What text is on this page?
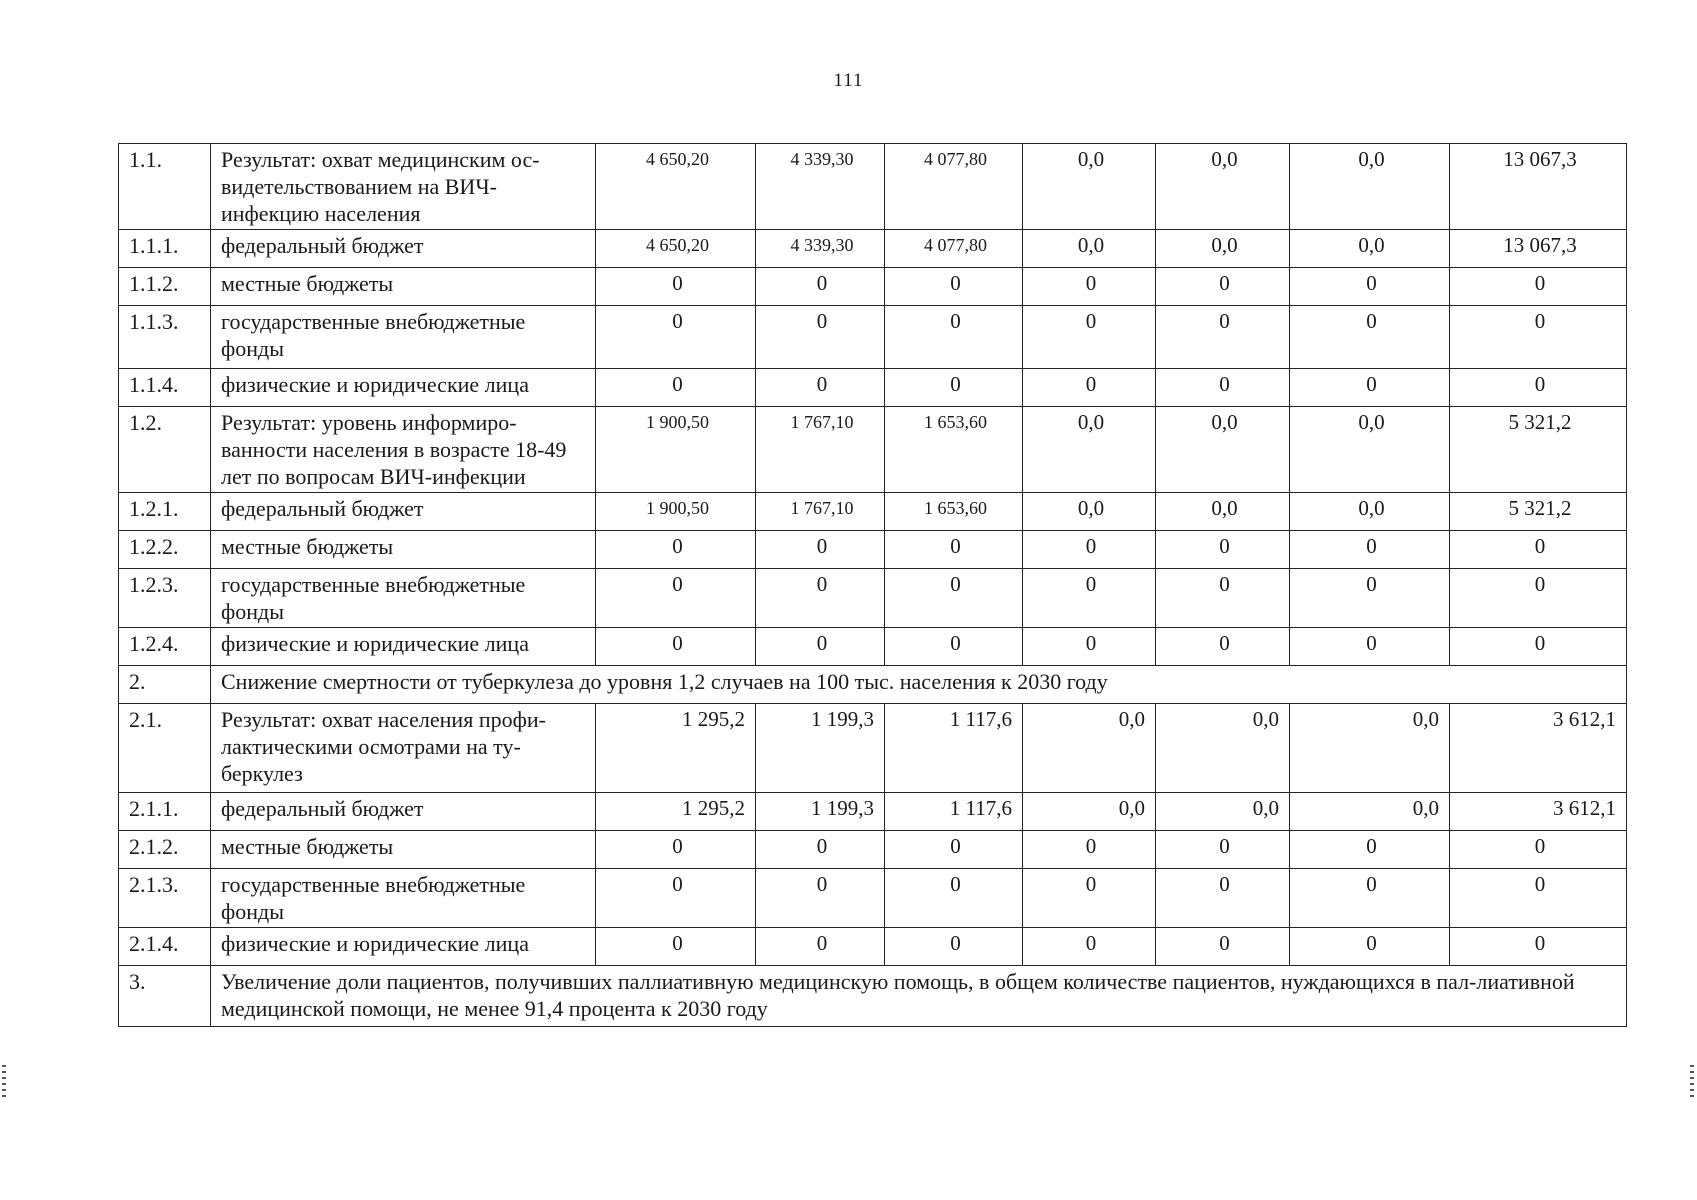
111
1.1.	Результат: охват медицинским ос-видетельствованием на ВИЧ-инфекцию населения	4 650,20	4 339,30	4 077,80	0,0	0,0	0,0	13 067,3
1.1.1.	федеральный бюджет	4 650,20	4 339,30	4 077,80	0,0	0,0	0,0	13 067,3
1.1.2.	местные бюджеты	0	0	0	0	0	0	0
1.1.3.	государственные внебюджетные фонды	0	0	0	0	0	0	0
1.1.4.	физические и юридические лица	0	0	0	0	0	0	0
1.2.	Результат: уровень информиро-ванности населения в возрасте 18-49 лет по вопросам ВИЧ-инфекции	1 900,50	1 767,10	1 653,60	0,0	0,0	0,0	5 321,2
1.2.1.	федеральный бюджет	1 900,50	1 767,10	1 653,60	0,0	0,0	0,0	5 321,2
1.2.2.	местные бюджеты	0	0	0	0	0	0	0
1.2.3.	государственные внебюджетные фонды	0	0	0	0	0	0	0
1.2.4.	физические и юридические лица	0	0	0	0	0	0	0
2.	Снижение смертности от туберкулеза до уровня 1,2 случаев на 100 тыс. населения к 2030 году							
2.1.	Результат: охват населения профи-лактическими осмотрами на ту-беркулез	1 295,2	1 199,3	1 117,6	0,0	0,0	0,0	3 612,1
2.1.1.	федеральный бюджет	1 295,2	1 199,3	1 117,6	0,0	0,0	0,0	3 612,1
2.1.2.	местные бюджеты	0	0	0	0	0	0	0
2.1.3.	государственные внебюджетные фонды	0	0	0	0	0	0	0
2.1.4.	физические и юридические лица	0	0	0	0	0	0	0
3.	Увеличение доли пациентов, получивших паллиативную медицинскую помощь, в общем количестве пациентов, нуждающихся в пал-лиативной медицинской помощи, не менее 91,4 процента к 2030 году							
